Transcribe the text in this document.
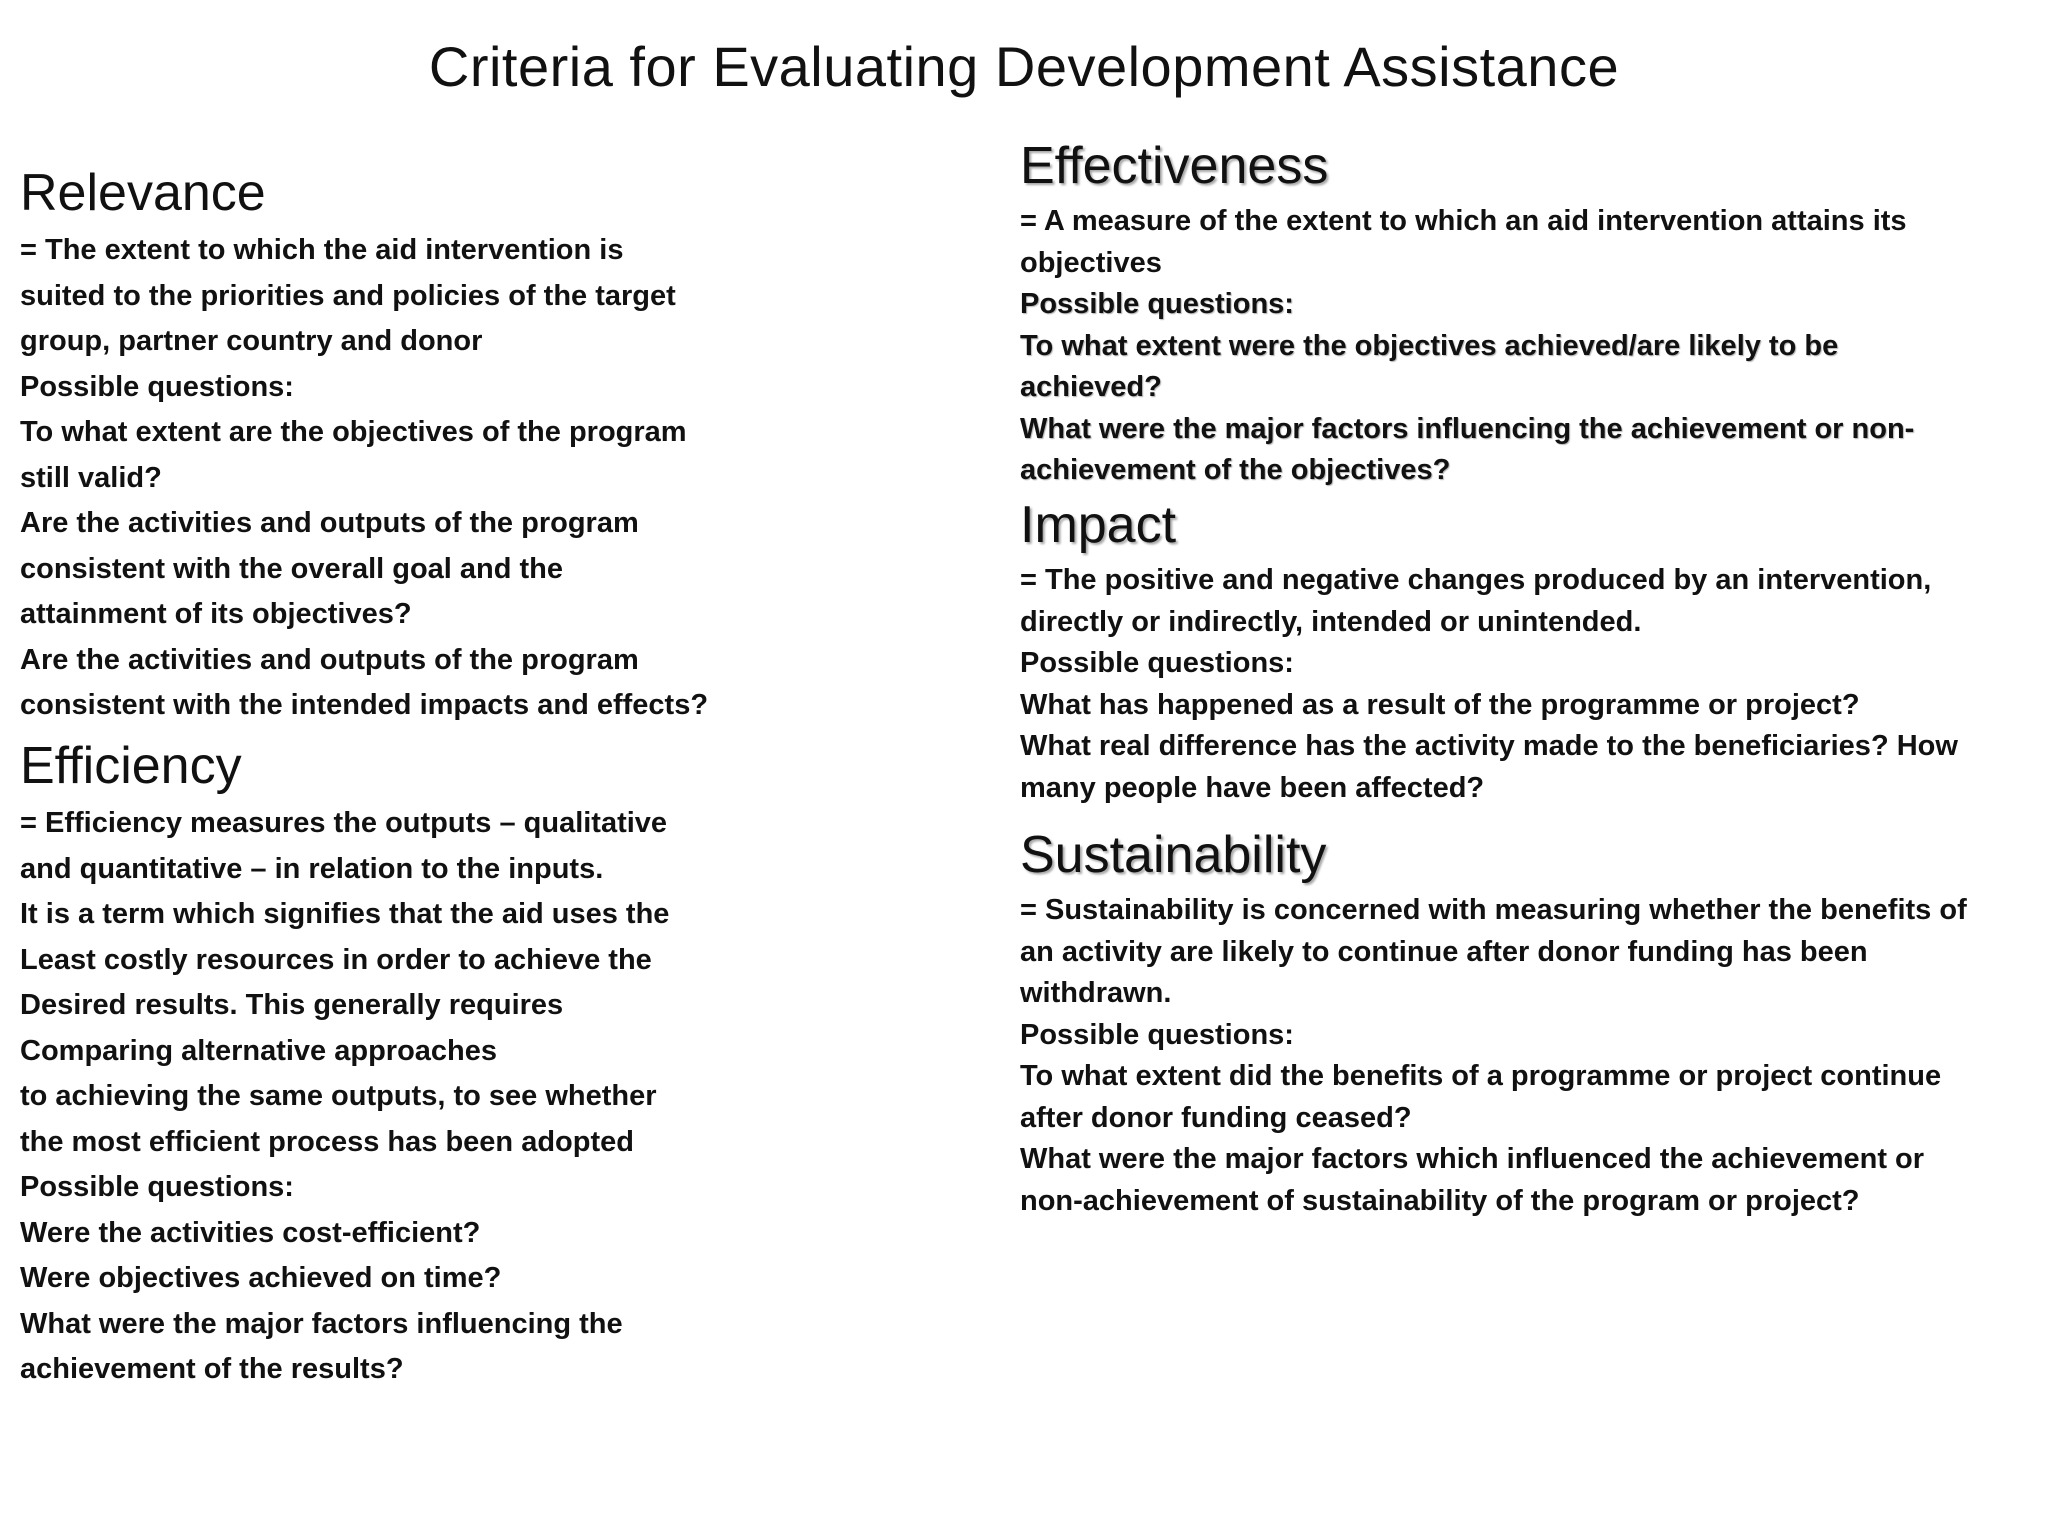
Criteria for Evaluating Development Assistance
Relevance
= The extent to which the aid intervention is
suited to the priorities and policies of the target
group, partner country and donor
Possible questions:
To what extent are the objectives of the program
still valid?
Are the activities and outputs of the program
consistent with the overall goal and the
attainment of its objectives?
Are the activities and outputs of the program
consistent with the intended impacts and effects?
Efficiency
= Efficiency measures the outputs – qualitative
and quantitative – in relation to the inputs.
It is a term which signifies that the aid uses the
Least costly resources in order to achieve the
Desired results. This generally requires
Comparing alternative approaches
to achieving the same outputs, to see whether
the most efficient process has been adopted
Possible questions:
Were the activities cost-efficient?
Were objectives achieved on time?
What were the major factors influencing the
achievement of the results?
Effectiveness
= A measure of the extent to which an aid intervention attains its
objectives
Possible questions:
To what extent were the objectives achieved/are likely to be
achieved?
What were the major factors influencing the achievement or non-
achievement of the objectives?
Impact
= The positive and negative changes produced by an intervention,
directly or indirectly, intended or unintended.
Possible questions:
What has happened as a result of the programme or project?
What real difference has the activity made to the beneficiaries? How
many people have been affected?
Sustainability
= Sustainability is concerned with measuring whether the benefits of
an activity are likely to continue after donor funding has been
withdrawn.
Possible questions:
To what extent did the benefits of a programme or project continue
after donor funding ceased?
What were the major factors which influenced the achievement or
non-achievement of sustainability of the program or project?
